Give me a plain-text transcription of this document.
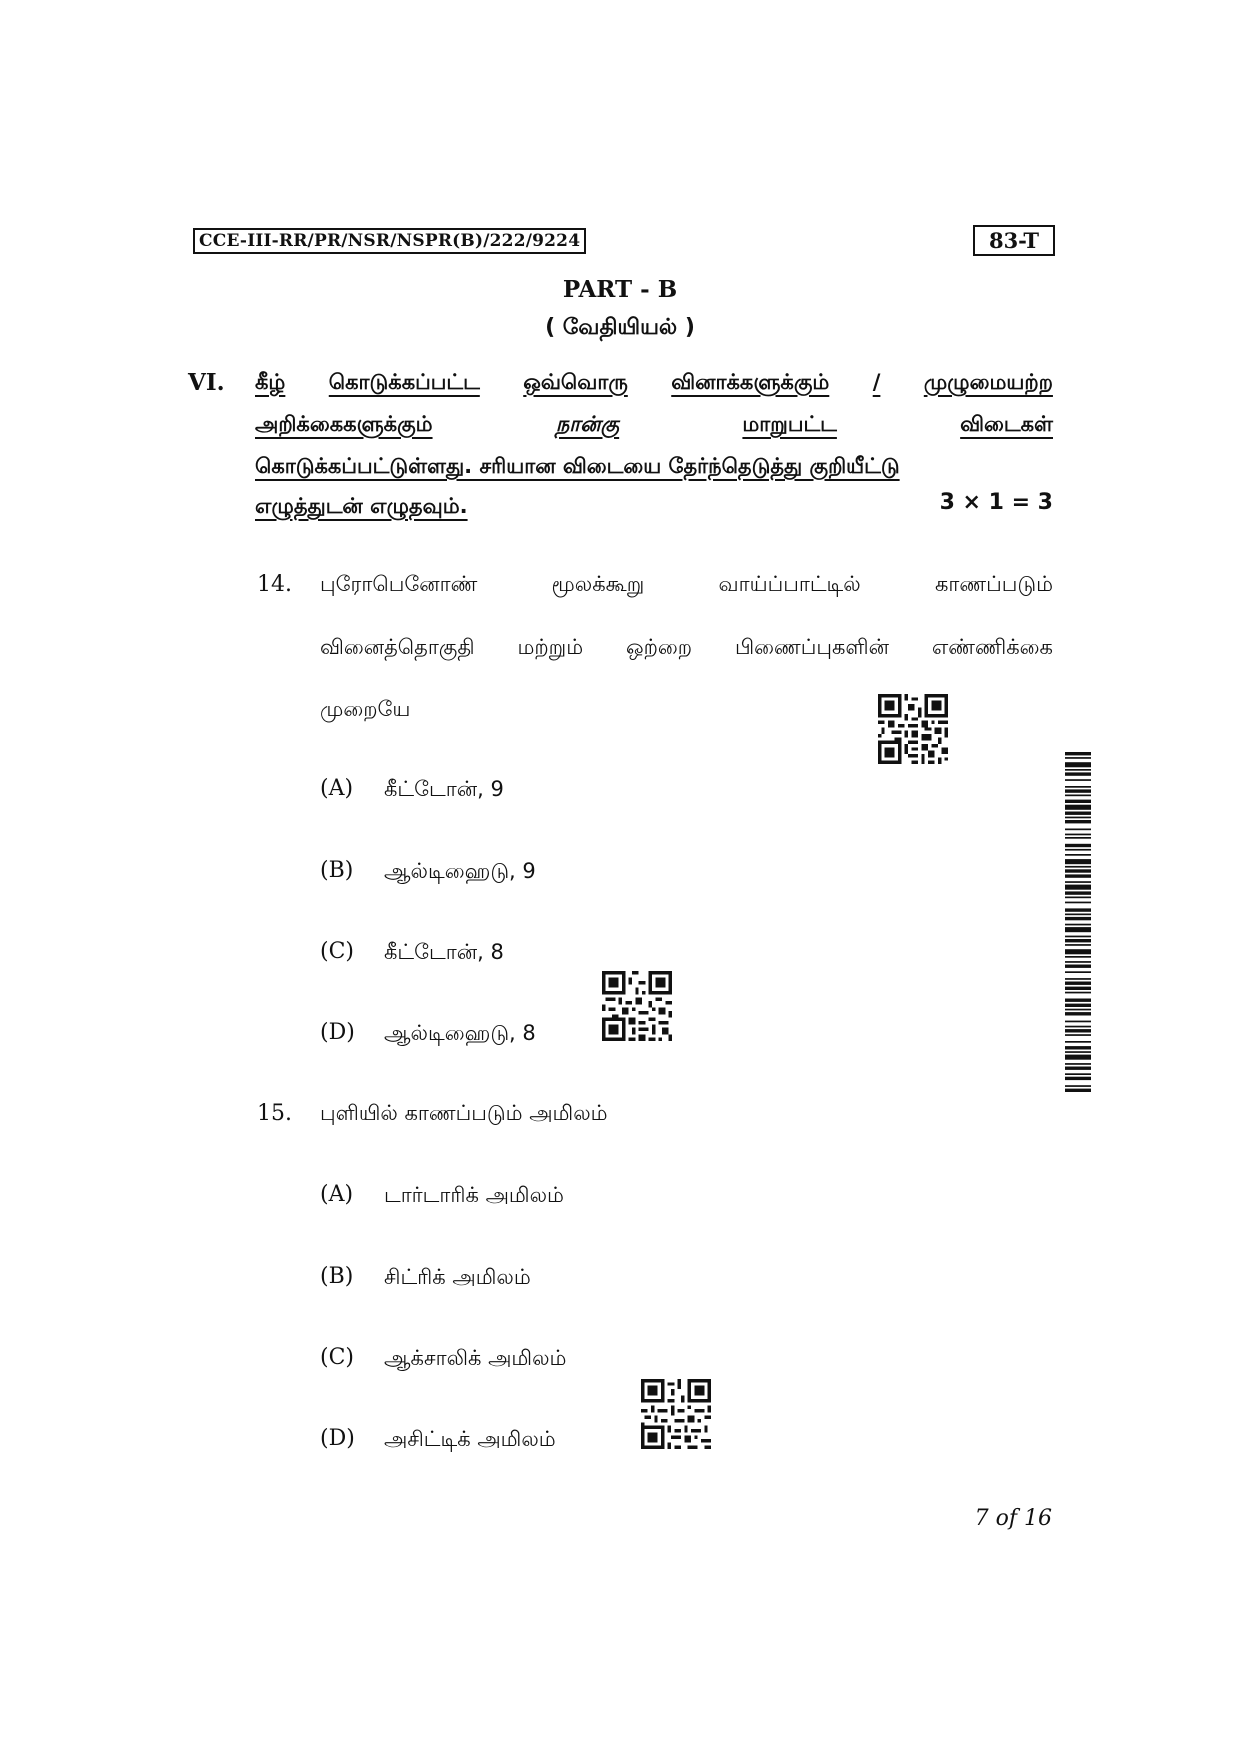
CCE-III-RR/PR/NSR/NSPR(B)/222/9224	83-T
PART - B
( வேதியியல் )
VI. கீழ் கொடுக்கப்பட்ட ஒவ்வொரு வினாக்களுக்கும் / முழுமையற்ற
அறிக்கைகளுக்கும்	நான்கு	மாறுபட்ட	விடைகள்
கொடுக்கப்பட்டுள்ளது. சரியான விடையை தேர்ந்தெடுத்து குறியீட்டு
எழுத்துடன் எழுதவும்.	3 × 1 = 3
14. புரோபெனோண்	மூலக்கூறு	வாய்ப்பாட்டில்	காணப்படும்
வினைத்தொகுதி மற்றும் ஒற்றை பிணைப்புகளின் எண்ணிக்கை
முறையே
(A) கீட்டோன், 9
(B) ஆல்டிஹைடு, 9
(C) கீட்டோன், 8
(D) ஆல்டிஹைடு, 8
15. புளியில் காணப்படும் அமிலம்
(A) டார்டாரிக் அமிலம்
(B) சிட்ரிக் அமிலம்
(C) ஆக்சாலிக் அமிலம்
(D) அசிட்டிக் அமிலம்
7 of 16
